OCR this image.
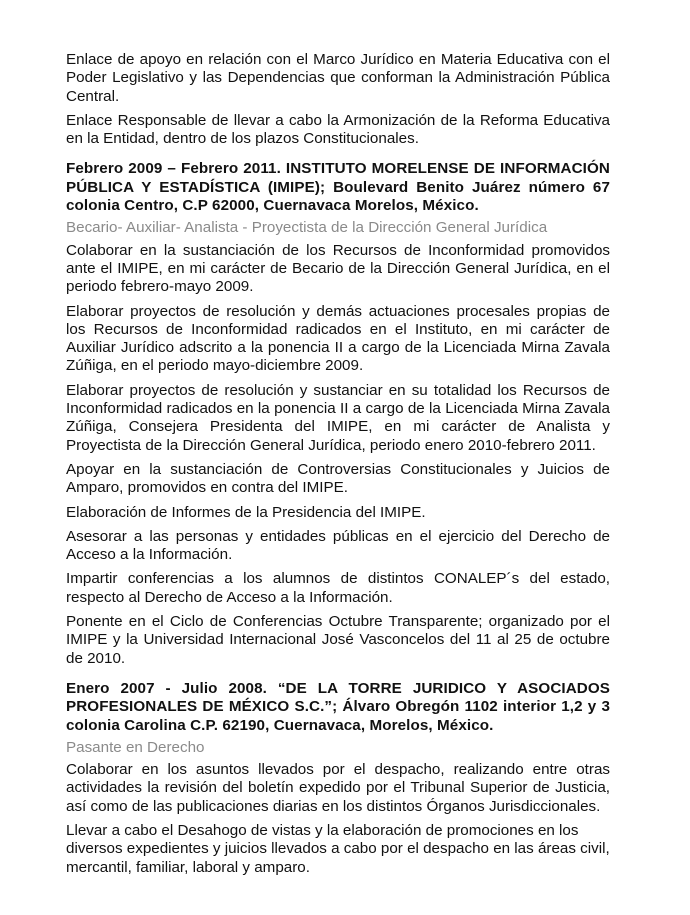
Enlace de apoyo en relación con el Marco Jurídico en Materia Educativa con el Poder Legislativo y las Dependencias que conforman la Administración Pública Central.

Enlace Responsable de llevar a cabo la Armonización de la Reforma Educativa en la Entidad, dentro de los plazos Constitucionales.

Febrero 2009 – Febrero 2011. INSTITUTO MORELENSE DE INFORMACIÓN PÚBLICA Y ESTADÍSTICA (IMIPE); Boulevard Benito Juárez número 67 colonia Centro, C.P 62000, Cuernavaca Morelos, México.

Becario- Auxiliar- Analista - Proyectista de la Dirección General Jurídica

Colaborar en la sustanciación de los Recursos de Inconformidad promovidos ante el IMIPE, en mi carácter de Becario de la Dirección General Jurídica, en el periodo febrero-mayo 2009.

Elaborar proyectos de resolución y demás actuaciones procesales propias de los Recursos de Inconformidad radicados en el Instituto, en mi carácter de Auxiliar Jurídico adscrito a la ponencia II a cargo de la Licenciada Mirna Zavala Zúñiga, en el periodo mayo-diciembre 2009.

Elaborar proyectos de resolución y sustanciar en su totalidad los Recursos de Inconformidad radicados en la ponencia II a cargo de la Licenciada Mirna Zavala Zúñiga, Consejera Presidenta del IMIPE, en mi carácter de Analista y Proyectista de la Dirección General Jurídica, periodo enero 2010-febrero 2011.

Apoyar en la sustanciación de Controversias Constitucionales y Juicios de Amparo, promovidos en contra del IMIPE.

Elaboración de Informes de la Presidencia del IMIPE.

Asesorar a las personas y entidades públicas en el ejercicio del Derecho de Acceso a la Información.

Impartir conferencias a los alumnos de distintos CONALEP´s del estado, respecto al Derecho de Acceso a la Información.

Ponente en el Ciclo de Conferencias Octubre Transparente; organizado por el IMIPE y la Universidad Internacional José Vasconcelos del 11 al 25 de octubre de 2010.

Enero 2007 - Julio 2008. “DE LA TORRE JURIDICO Y ASOCIADOS PROFESIONALES DE MÉXICO S.C.”; Álvaro Obregón 1102 interior 1,2 y 3 colonia Carolina C.P. 62190, Cuernavaca, Morelos, México.

Pasante en Derecho

Colaborar en los asuntos llevados por el despacho, realizando entre otras actividades la revisión del boletín expedido por el Tribunal Superior de Justicia, así como de las publicaciones diarias en los distintos Órganos Jurisdiccionales.

Llevar a cabo el Desahogo de vistas y la elaboración de promociones en los diversos expedientes y juicios llevados a cabo por el despacho en las áreas civil, mercantil, familiar, laboral y amparo.
